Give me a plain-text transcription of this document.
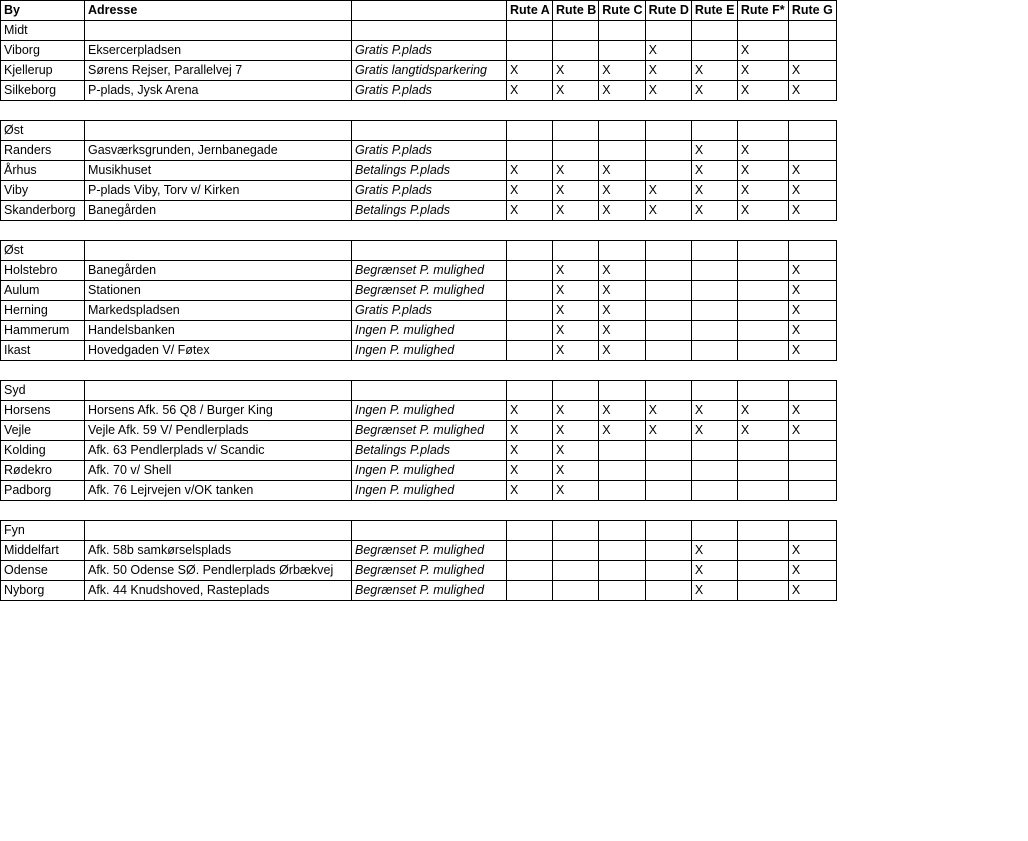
By	Adresse		Rute A	Rute B	Rute C	Rute D	Rute E	Rute F*	Rute G
Midt									
Viborg	Eksercerpladsen	Gratis P.plads				X		X	
Kjellerup	Sørens Rejser, Parallelvej 7	Gratis langtidsparkering	X	X	X	X	X	X	X
Silkeborg	P-plads, Jysk Arena	Gratis P.plads	X	X	X	X	X	X	X

Øst									
Randers	Gasværksgrunden, Jernbanegade	Gratis P.plads					X	X	
Århus	Musikhuset	Betalings P.plads	X	X	X		X	X	X
Viby	P-plads Viby, Torv v/ Kirken	Gratis P.plads	X	X	X	X	X	X	X
Skanderborg	Banegården	Betalings P.plads	X	X	X	X	X	X	X

Øst									
Holstebro	Banegården	Begrænset P. mulighed		X	X				X
Aulum	Stationen	Begrænset P. mulighed		X	X				X
Herning	Markedspladsen	Gratis P.plads		X	X				X
Hammerum	Handelsbanken	Ingen P. mulighed		X	X				X
Ikast	Hovedgaden V/ Føtex	Ingen P. mulighed		X	X				X

Syd									
Horsens	Horsens Afk. 56 Q8 / Burger King	Ingen P. mulighed	X	X	X	X	X	X	X
Vejle	Vejle Afk. 59 V/ Pendlerplads	Begrænset P. mulighed	X	X	X	X	X	X	X
Kolding	Afk. 63 Pendlerplads v/ Scandic	Betalings P.plads	X	X					
Rødekro	Afk. 70 v/ Shell	Ingen P. mulighed	X	X					
Padborg	Afk. 76 Lejrvejen v/OK tanken	Ingen P. mulighed	X	X					

Fyn									
Middelfart	Afk. 58b samkørselsplads	Begrænset P. mulighed					X		X
Odense	Afk. 50 Odense SØ. Pendlerplads Ørbækvej	Begrænset P. mulighed					X		X
Nyborg	Afk. 44 Knudshoved, Rasteplads	Begrænset P. mulighed					X		X
